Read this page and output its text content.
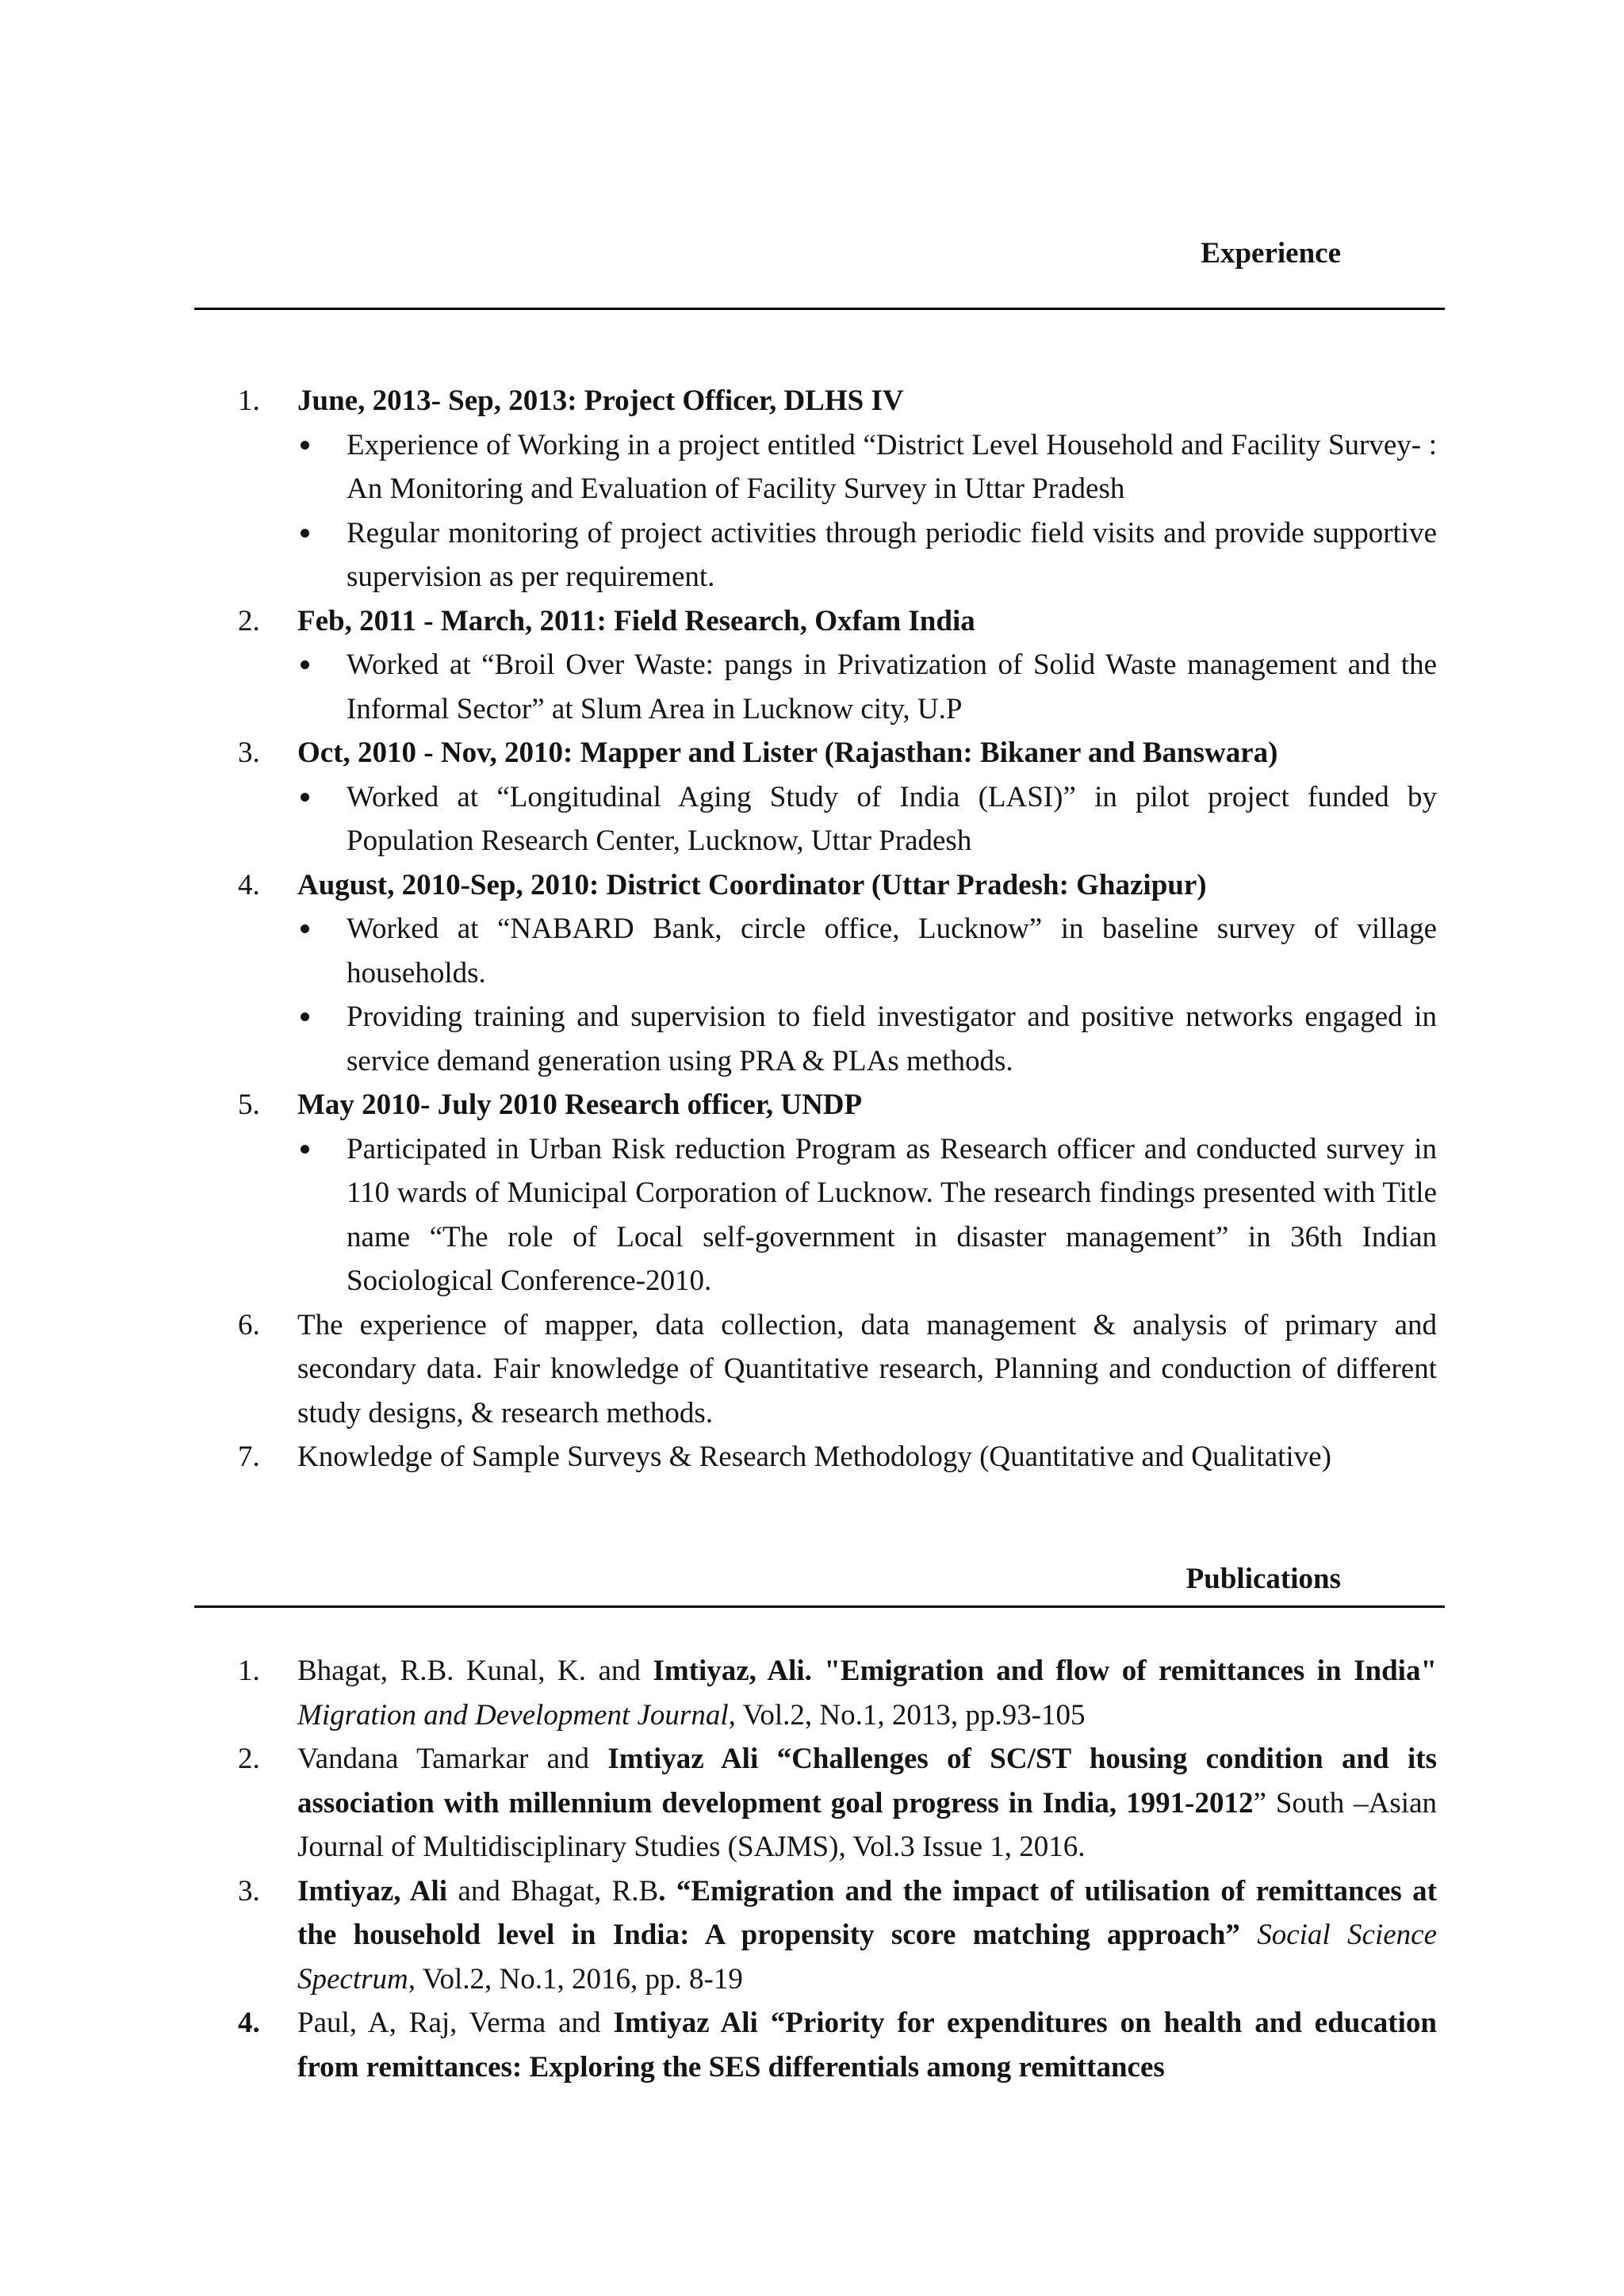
Experience
1. June, 2013- Sep, 2013: Project Officer, DLHS IV
Experience of Working in a project entitled “District Level Household and Facility Survey- : An Monitoring and Evaluation of Facility Survey in Uttar Pradesh
Regular monitoring of project activities through periodic field visits and provide supportive supervision as per requirement.
2. Feb, 2011 - March, 2011: Field Research, Oxfam India
Worked at “Broil Over Waste: pangs in Privatization of Solid Waste management and the Informal Sector” at Slum Area in Lucknow city, U.P
3. Oct, 2010 - Nov, 2010: Mapper and Lister (Rajasthan: Bikaner and Banswara)
Worked at “Longitudinal Aging Study of India (LASI)” in pilot project funded by Population Research Center, Lucknow, Uttar Pradesh
4. August, 2010-Sep, 2010: District Coordinator (Uttar Pradesh: Ghazipur)
Worked at “NABARD Bank, circle office, Lucknow” in baseline survey of village households.
Providing training and supervision to field investigator and positive networks engaged in service demand generation using PRA & PLAs methods.
5. May 2010- July 2010 Research officer, UNDP
Participated in Urban Risk reduction Program as Research officer and conducted survey in 110 wards of Municipal Corporation of Lucknow. The research findings presented with Title name “The role of Local self-government in disaster management” in 36th Indian Sociological Conference-2010.
6. The experience of mapper, data collection, data management & analysis of primary and secondary data. Fair knowledge of Quantitative research, Planning and conduction of different study designs, & research methods.
7. Knowledge of Sample Surveys & Research Methodology (Quantitative and Qualitative)
Publications
1. Bhagat, R.B. Kunal, K. and Imtiyaz, Ali. "Emigration and flow of remittances in India" Migration and Development Journal, Vol.2, No.1, 2013, pp.93-105
2. Vandana Tamarkar and Imtiyaz Ali “Challenges of SC/ST housing condition and its association with millennium development goal progress in India, 1991-2012” South –Asian Journal of Multidisciplinary Studies (SAJMS), Vol.3 Issue 1, 2016.
3. Imtiyaz, Ali and Bhagat, R.B. “Emigration and the impact of utilisation of remittances at the household level in India: A propensity score matching approach” Social Science Spectrum, Vol.2, No.1, 2016, pp. 8-19
4. Paul, A, Raj, Verma and Imtiyaz Ali “Priority for expenditures on health and education from remittances: Exploring the SES differentials among remittances
